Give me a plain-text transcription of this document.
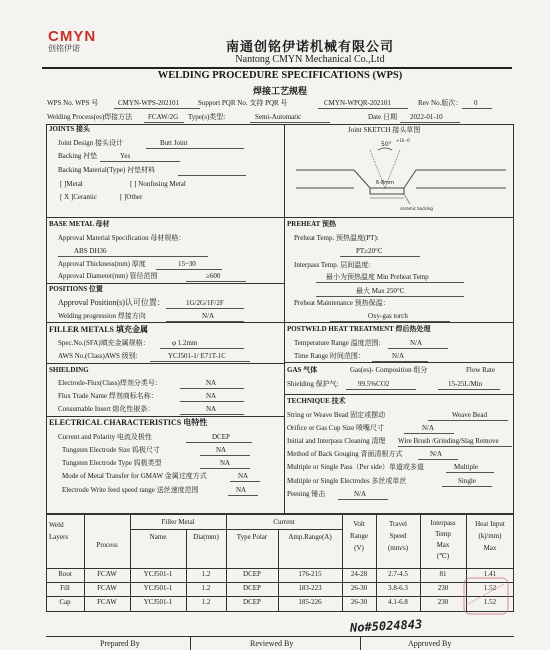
CMYN
创铭伊诺	南通创铭伊诺机械有限公司
Nantong CMYN Mechanical Co.,Ltd
WELDING PROCEDURE SPECIFICATIONS (WPS)
焊接工艺规程
WPS No. WPS 号	CMYN-WPS-202101	Support PQR No. 支持 PQR 号	CMYN-WPQR-202101	Rev No.版次： 0
Welding Process(es)焊接方法 FCAW/2G Type(s)类型:	Semi-Automatic	Date 日期 2022-01-10
JOINTS 接头
Joint Design 接头设计	Butt Joint
Backing 衬垫	Yes
Backing Material(Type) 衬垫材料
[ ]Metal	[ ] Nonfusing Metal
[ X ]Ceramic	[ ]Other
Joint SKETCH 接头草图
50°
+10 -0
6-8mm
ceramic backing
BASE METAL 母材
Approval Material Specification 母材规格：
ABS DH36
Approval Thickness(mm) 厚度	15~30
Approval Diameter(mm) 管径范围	≥600
POSITIONS 位置
Approval Position(s)认可位置：	1G/2G/1F/2F
Welding progression 焊接方向	N/A
PREHEAT 预热
Preheat Temp. 预热温度(PT):
PT≥20°C
Interpass Temp. 层间温度:
最小为预热温度 Min Preheat Temp
最大 Max 250°C
Preheat Maintenance 预热保温：
Oxy-gas torch
FILLER METALS 填充金属
Spec.No.(SFA)填充金属规格：	φ 1.2mm
AWS No.(Class)AWS 级别:	YCJ501-1/ E71T-1C
POSTWELD HEAT TREATMENT 焊后热处理
Temperature Range 温度范围:	N/A
Time Range 时间范围：	N/A
SHIELDING
Electrode-Flux(Class)焊剂分类号：	NA
Flux Trade Name 焊剂商标名称：	NA
Consumable Insert 熔化性嵌条：	NA
GAS 气体	Gas(es)- Composition 组分	Flow Rate
Shielding 保护气:	99.5%CO2	15-25L/Min
ELECTRICAL CHARACTERISTICS 电特性
Current and Polarity 电流及极性	DCEP
Tungsten Electrode Size 钨极尺寸	NA
Tungsten Electrode Type 钨极类型	NA
Mode of Metal Transfer for GMAW 金属过度方式	NA
Electrode Write feed speed range 送丝速度范围	NA
TECHNIQUE 技术
String or Weave Bead 固定或摆动	Weave Bead
Orifice or Gas Cup Size 喷嘴尺寸	N/A
Initial and Interpass Cleaning 清理 Wire Brush /Grinding/Slag Remove
Method of Back Gouging 背面清根方式	N/A
Multiple or Single Pass（Per side）单道或多道	Multiple
Multiple or Single Electrodes 多丝或单丝	Single
Peening 锤击	N/A
Weld
Layers
Process
Filler Metal
Name	Dia(mm)
Current
Type Polar	Amp.Range(A)
Volt
Range
(V)
Travel
Speed
(mm/s)
Interpass
Temp
Max
(℃)
Heat Input
(kj/mm)
Max
Root	FCAW	YCJ501-1	1.2	DCEP	176-215	24-28	2.7-4.5	81	1.41
Fill	FCAW	YCJ501-1	1.2	DCEP	183-223	26-30	3.8-6.3	230	1.52
Cap	FCAW	YCJ501-1	1.2	DCEP	185-226	26-30	4.1-6.8	230	1.52
No#5024843
Prepared By	Reviewed By	Approved By
